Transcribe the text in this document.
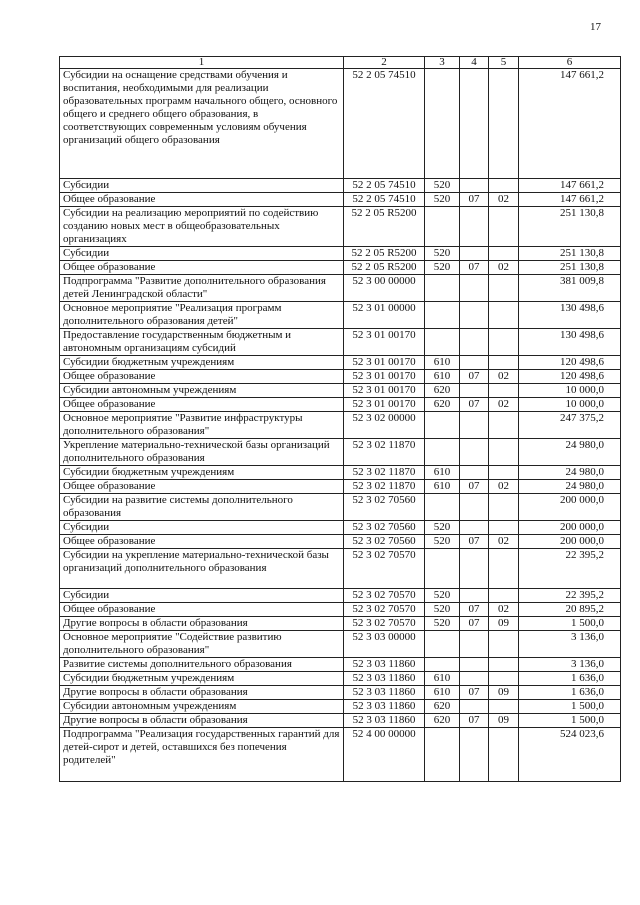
17
1	2	3	4	5	6
Субсидии на оснащение средствами обучения и воспитания, необходимыми для реализации образовательных программ начального общего, основного общего и среднего общего образования, в соответствующих современным условиям обучения организаций общего образования	52 2 05 74510				147 661,2
Субсидии	52 2 05 74510	520			147 661,2
Общее образование	52 2 05 74510	520	07	02	147 661,2
Субсидии на реализацию мероприятий по содействию созданию новых мест в общеобразовательных организациях	52 2 05 R5200				251 130,8
Субсидии	52 2 05 R5200	520			251 130,8
Общее образование	52 2 05 R5200	520	07	02	251 130,8
Подпрограмма "Развитие дополнительного образования детей Ленинградской области"	52 3 00 00000				381 009,8
Основное мероприятие "Реализация программ дополнительного образования детей"	52 3 01 00000				130 498,6
Предоставление государственным бюджетным и автономным организациям субсидий	52 3 01 00170				130 498,6
Субсидии бюджетным учреждениям	52 3 01 00170	610			120 498,6
Общее образование	52 3 01 00170	610	07	02	120 498,6
Субсидии автономным учреждениям	52 3 01 00170	620			10 000,0
Общее образование	52 3 01 00170	620	07	02	10 000,0
Основное мероприятие "Развитие инфраструктуры дополнительного образования"	52 3 02 00000				247 375,2
Укрепление материально-технической базы организаций дополнительного образования	52 3 02 11870				24 980,0
Субсидии бюджетным учреждениям	52 3 02 11870	610			24 980,0
Общее образование	52 3 02 11870	610	07	02	24 980,0
Субсидии на развитие системы дополнительного образования	52 3 02 70560				200 000,0
Субсидии	52 3 02 70560	520			200 000,0
Общее образование	52 3 02 70560	520	07	02	200 000,0
Субсидии на укрепление материально-технической базы организаций дополнительного образования	52 3 02 70570				22 395,2
Субсидии	52 3 02 70570	520			22 395,2
Общее образование	52 3 02 70570	520	07	02	20 895,2
Другие вопросы в области образования	52 3 02 70570	520	07	09	1 500,0
Основное мероприятие "Содействие развитию дополнительного образования"	52 3 03 00000				3 136,0
Развитие системы дополнительного образования	52 3 03 11860				3 136,0
Субсидии бюджетным учреждениям	52 3 03 11860	610			1 636,0
Другие вопросы в области образования	52 3 03 11860	610	07	09	1 636,0
Субсидии автономным учреждениям	52 3 03 11860	620			1 500,0
Другие вопросы в области образования	52 3 03 11860	620	07	09	1 500,0
Подпрограмма "Реализация государственных гарантий для детей-сирот и детей, оставшихся без попечения родителей"	52 4 00 00000				524 023,6
